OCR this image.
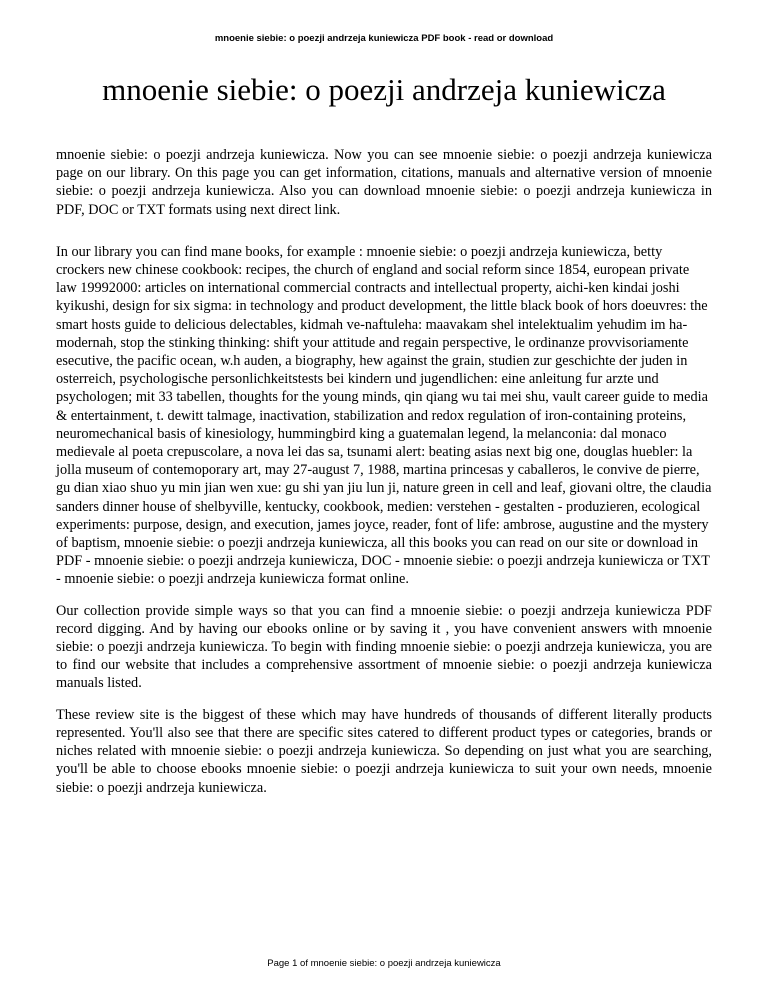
mnoenie siebie: o poezji andrzeja kuniewicza PDF book - read or download
mnoenie siebie: o poezji andrzeja kuniewicza

mnoenie siebie: o poezji andrzeja kuniewicza. Now you can see mnoenie siebie: o poezji andrzeja kuniewicza page on our library. On this page you can get information, citations, manuals and alternative version of mnoenie siebie: o poezji andrzeja kuniewicza. Also you can download mnoenie siebie: o poezji andrzeja kuniewicza in PDF, DOC or TXT formats using next direct link.

In our library you can find mane books, for example : mnoenie siebie: o poezji andrzeja kuniewicza, betty crockers new chinese cookbook: recipes, the church of england and social reform since 1854, european private law 19992000: articles on international commercial contracts and intellectual property, aichi-ken kindai joshi kyikushi, design for six sigma: in technology and product development, the little black book of hors doeuvres: the smart hosts guide to delicious delectables, kidmah ve-naftuleha: maavakam shel intelektualim yehudim im ha-modernah, stop the stinking thinking: shift your attitude and regain perspective, le ordinanze provvisoriamente esecutive, the pacific ocean, w.h auden, a biography, hew against the grain, studien zur geschichte der juden in osterreich, psychologische personlichkeitstests bei kindern und jugendlichen: eine anleitung fur arzte und psychologen; mit 33 tabellen, thoughts for the young minds, qin qiang wu tai mei shu, vault career guide to media & entertainment, t. dewitt talmage, inactivation, stabilization and redox regulation of iron-containing proteins, neuromechanical basis of kinesiology, hummingbird king a guatemalan legend, la melanconia: dal monaco medievale al poeta crepuscolare, a nova lei das sa, tsunami alert: beating asias next big one, douglas huebler: la jolla museum of contemoporary art, may 27-august 7, 1988, martina princesas y caballeros, le convive de pierre, gu dian xiao shuo yu min jian wen xue: gu shi yan jiu lun ji, nature green in cell and leaf, giovani oltre, the claudia sanders dinner house of shelbyville, kentucky, cookbook, medien: verstehen - gestalten - produzieren, ecological experiments: purpose, design, and execution, james joyce, reader, font of life: ambrose, augustine and the mystery of baptism, mnoenie siebie: o poezji andrzeja kuniewicza, all this books you can read on our site or download in PDF - mnoenie siebie: o poezji andrzeja kuniewicza, DOC - mnoenie siebie: o poezji andrzeja kuniewicza or TXT - mnoenie siebie: o poezji andrzeja kuniewicza format online.

Our collection provide simple ways so that you can find a mnoenie siebie: o poezji andrzeja kuniewicza PDF record digging. And by having our ebooks online or by saving it , you have convenient answers with mnoenie siebie: o poezji andrzeja kuniewicza. To begin with finding mnoenie siebie: o poezji andrzeja kuniewicza, you are to find our website that includes a comprehensive assortment of mnoenie siebie: o poezji andrzeja kuniewicza manuals listed.

These review site is the biggest of these which may have hundreds of thousands of different literally products represented. You'll also see that there are specific sites catered to different product types or categories, brands or niches related with mnoenie siebie: o poezji andrzeja kuniewicza. So depending on just what you are searching, you'll be able to choose ebooks mnoenie siebie: o poezji andrzeja kuniewicza to suit your own needs, mnoenie siebie: o poezji andrzeja kuniewicza.

Page 1 of mnoenie siebie: o poezji andrzeja kuniewicza
